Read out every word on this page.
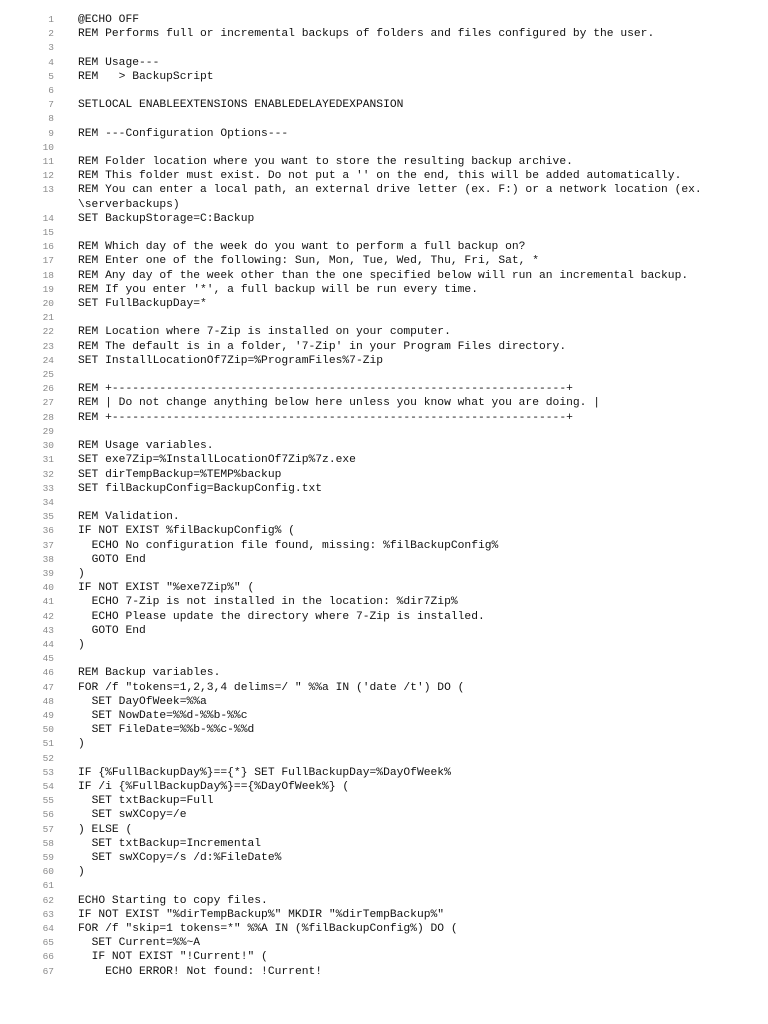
1	@ECHO OFF
2	REM Performs full or incremental backups of folders and files configured by the user.
3
4	REM Usage---
5	REM   > BackupScript
6
7	SETLOCAL ENABLEEXTENSIONS ENABLEDELAYEDEXPANSION
8
9	REM ---Configuration Options---
10
11	REM Folder location where you want to store the resulting backup archive.
12	REM This folder must exist. Do not put a '' on the end, this will be added automatically.
13	REM You can enter a local path, an external drive letter (ex. F:) or a network location (ex. \serverbackups)
14	SET BackupStorage=C:Backup
15
16	REM Which day of the week do you want to perform a full backup on?
17	REM Enter one of the following: Sun, Mon, Tue, Wed, Thu, Fri, Sat, *
18	REM Any day of the week other than the one specified below will run an incremental backup.
19	REM If you enter '*', a full backup will be run every time.
20	SET FullBackupDay=*
21
22	REM Location where 7-Zip is installed on your computer.
23	REM The default is in a folder, '7-Zip' in your Program Files directory.
24	SET InstallLocationOf7Zip=%ProgramFiles%7-Zip
25
26	REM +-------------------------------------------------------------------+
27	REM | Do not change anything below here unless you know what you are doing. |
28	REM +-------------------------------------------------------------------+
29
30	REM Usage variables.
31	SET exe7Zip=%InstallLocationOf7Zip%7z.exe
32	SET dirTempBackup=%TEMP%backup
33	SET filBackupConfig=BackupConfig.txt
34
35	REM Validation.
36	IF NOT EXIST %filBackupConfig% (
37	ECHO No configuration file found, missing: %filBackupConfig%
38	GOTO End
39	)
40	IF NOT EXIST "%exe7Zip%" (
41	ECHO 7-Zip is not installed in the location: %dir7Zip%
42	ECHO Please update the directory where 7-Zip is installed.
43	GOTO End
44	)
45
46	REM Backup variables.
47	FOR /f "tokens=1,2,3,4 delims=/ " %%a IN ('date /t') DO (
48	SET DayOfWeek=%%a
49	SET NowDate=%%d-%%b-%%c
50	SET FileDate=%%b-%%c-%%d
51	)
52
53	IF {%FullBackupDay%}=={*} SET FullBackupDay=%DayOfWeek%
54	IF /i {%FullBackupDay%}=={%DayOfWeek%} (
55	SET txtBackup=Full
56	SET swXCopy=/e
57	) ELSE (
58	SET txtBackup=Incremental
59	SET swXCopy=/s /d:%FileDate%
60	)
61
62	ECHO Starting to copy files.
63	IF NOT EXIST "%dirTempBackup%" MKDIR "%dirTempBackup%"
64	FOR /f "skip=1 tokens=*" %%A IN (%filBackupConfig%) DO (
65	SET Current=%%~A
66	IF NOT EXIST "!Current!" (
67	ECHO ERROR! Not found: !Current!
